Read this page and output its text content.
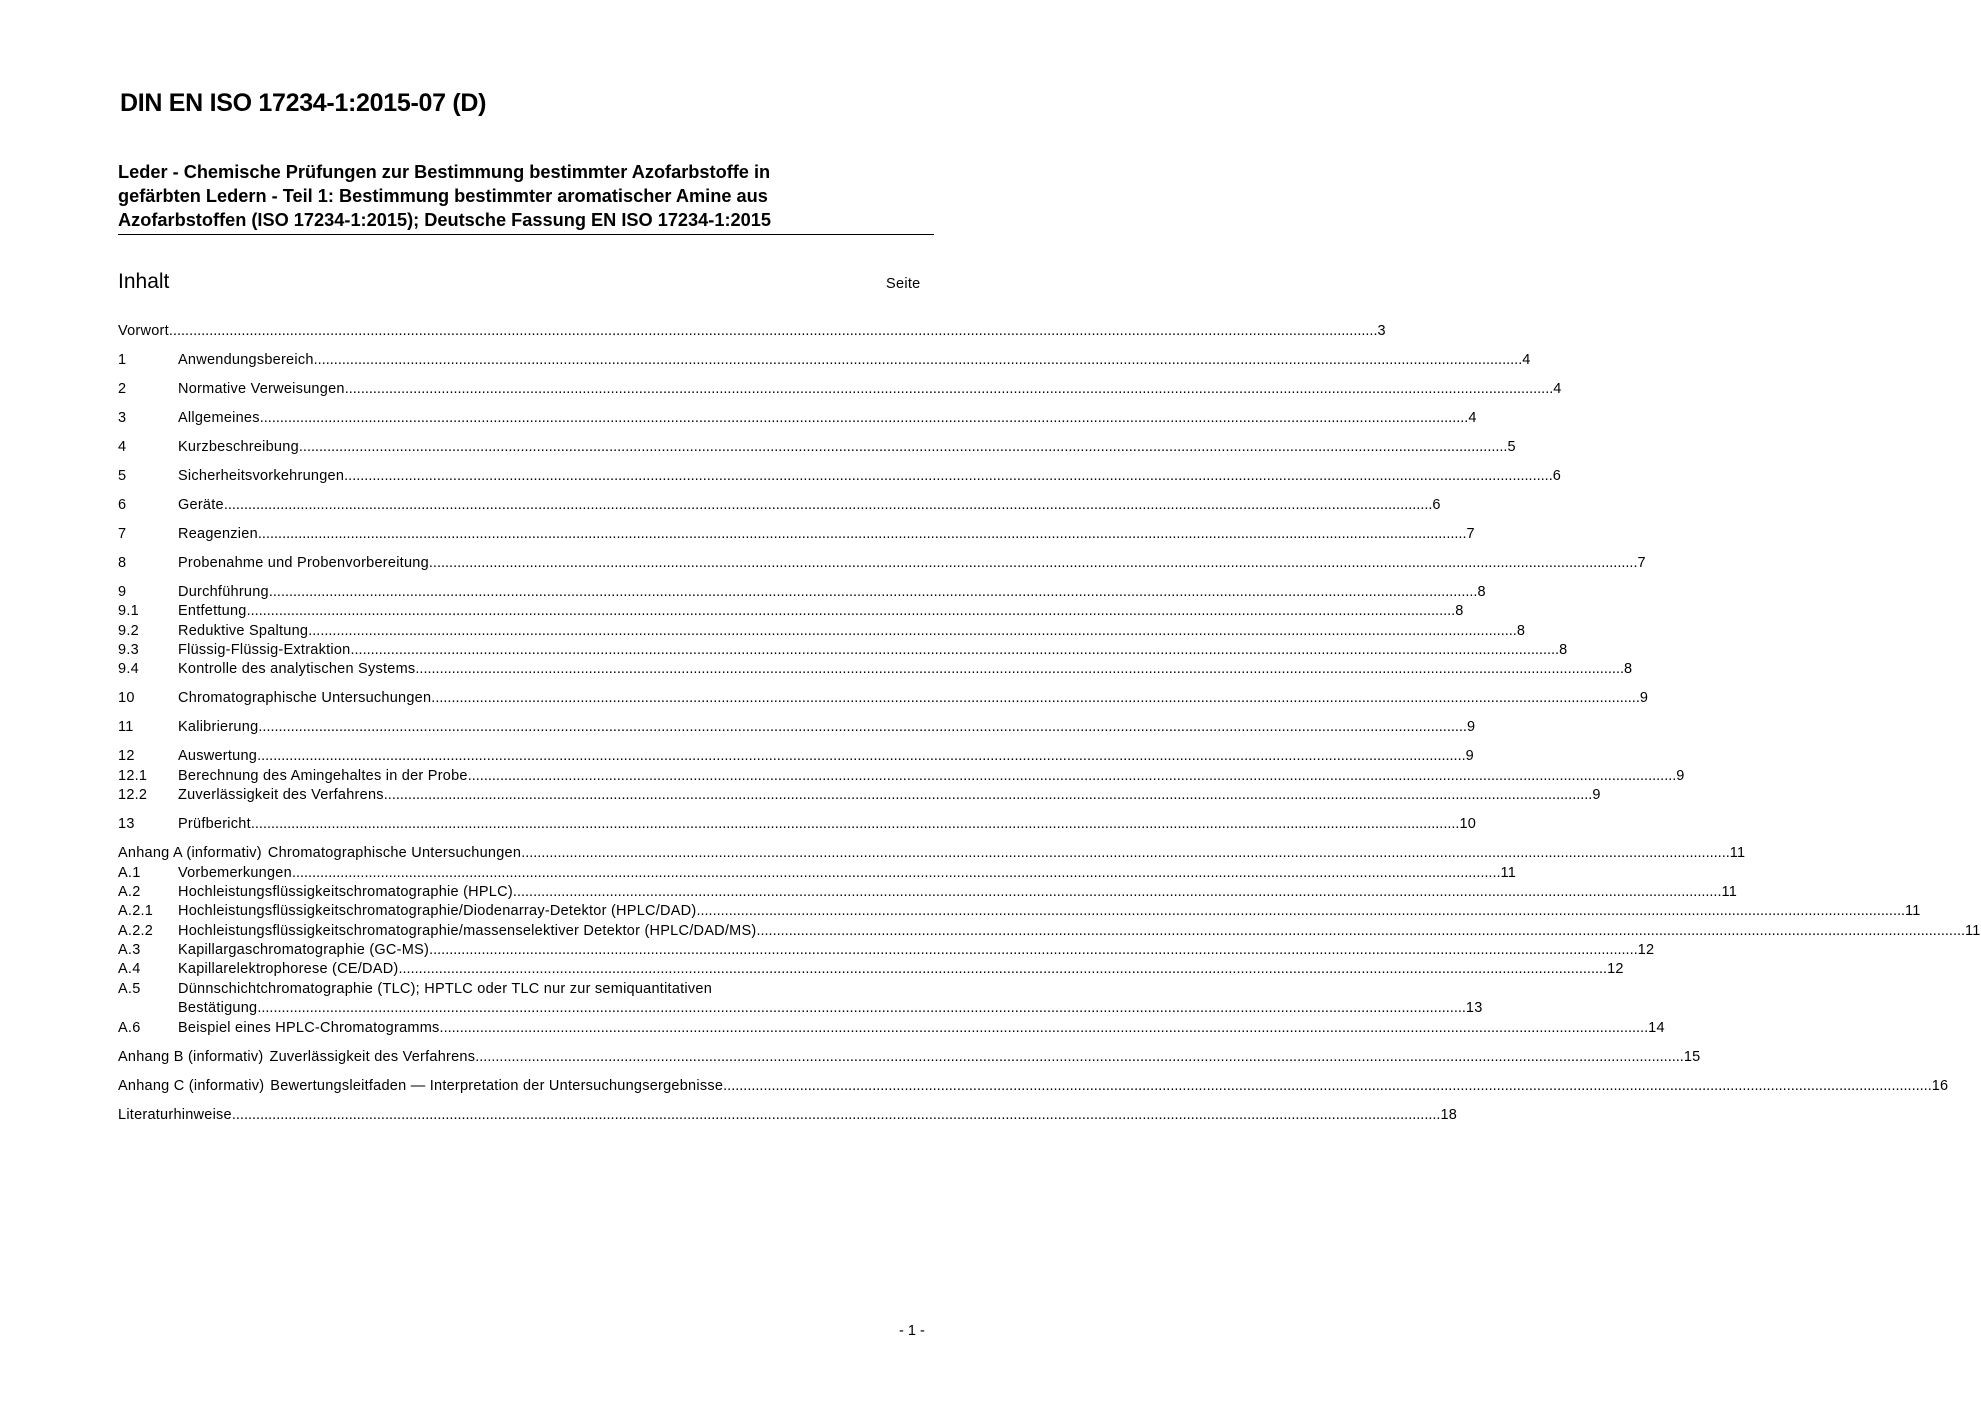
DIN EN ISO 17234-1:2015-07 (D)
Leder - Chemische Prüfungen zur Bestimmung bestimmter Azofarbstoffe in
gefärbten Ledern - Teil 1: Bestimmung bestimmter aromatischer Amine aus
Azofarbstoffen (ISO 17234-1:2015); Deutsche Fassung EN ISO 17234-1:2015
Inhalt	Seite
Vorwort ............................................................................................................................................................................................................................................................................................................ 3
1	Anwendungsbereich ............................................................................................................................................................................................................................................................................................................ 4
2	Normative Verweisungen ............................................................................................................................................................................................................................................................................................................ 4
3	Allgemeines ............................................................................................................................................................................................................................................................................................................ 4
4	Kurzbeschreibung ............................................................................................................................................................................................................................................................................................................ 5
5	Sicherheitsvorkehrungen ............................................................................................................................................................................................................................................................................................................ 6
6	Geräte ............................................................................................................................................................................................................................................................................................................ 6
7	Reagenzien ............................................................................................................................................................................................................................................................................................................ 7
8	Probenahme und Probenvorbereitung ............................................................................................................................................................................................................................................................................................................ 7
9	Durchführung ............................................................................................................................................................................................................................................................................................................ 8
9.1	Entfettung ............................................................................................................................................................................................................................................................................................................ 8
9.2	Reduktive Spaltung ............................................................................................................................................................................................................................................................................................................ 8
9.3	Flüssig-Flüssig-Extraktion ............................................................................................................................................................................................................................................................................................................ 8
9.4	Kontrolle des analytischen Systems ............................................................................................................................................................................................................................................................................................................ 8
10	Chromatographische Untersuchungen ............................................................................................................................................................................................................................................................................................................ 9
11	Kalibrierung ............................................................................................................................................................................................................................................................................................................ 9
12	Auswertung ............................................................................................................................................................................................................................................................................................................ 9
12.1 Berechnung des Amingehaltes in der Probe ............................................................................................................................................................................................................................................................................................................ 9
12.2 Zuverlässigkeit des Verfahrens ............................................................................................................................................................................................................................................................................................................ 9
13	Prüfbericht ............................................................................................................................................................................................................................................................................................................ 10
Anhang A (informativ) Chromatographische Untersuchungen ............................................................................................................................................................................................................................................................................................................ 11
A.1	Vorbemerkungen ............................................................................................................................................................................................................................................................................................................ 11
A.2	Hochleistungsflüssigkeitschromatographie (HPLC) ............................................................................................................................................................................................................................................................................................................ 11
A.2.1 Hochleistungsflüssigkeitschromatographie/Diodenarray-Detektor (HPLC/DAD) ............................................................................................................................................................................................................................................................................................................ 11
A.2.2 Hochleistungsflüssigkeitschromatographie/massenselektiver Detektor (HPLC/DAD/MS) ............................................................................................................................................................................................................................................................................................................ 11
A.3	Kapillargaschromatographie (GC-MS) ............................................................................................................................................................................................................................................................................................................ 12
A.4	Kapillarelektrophorese (CE/DAD) ............................................................................................................................................................................................................................................................................................................ 12
A.5	Dünnschichtchromatographie (TLC); HPTLC oder TLC nur zur semiquantitativen
Bestätigung ............................................................................................................................................................................................................................................................................................................ 13
A.6	Beispiel eines HPLC-Chromatogramms ............................................................................................................................................................................................................................................................................................................ 14
Anhang B (informativ) Zuverlässigkeit des Verfahrens ............................................................................................................................................................................................................................................................................................................ 15
Anhang C (informativ) Bewertungsleitfaden — Interpretation der Untersuchungsergebnisse ............................................................................................................................................................................................................................................................................................................ 16
Literaturhinweise ............................................................................................................................................................................................................................................................................................................ 18
- 1 -
